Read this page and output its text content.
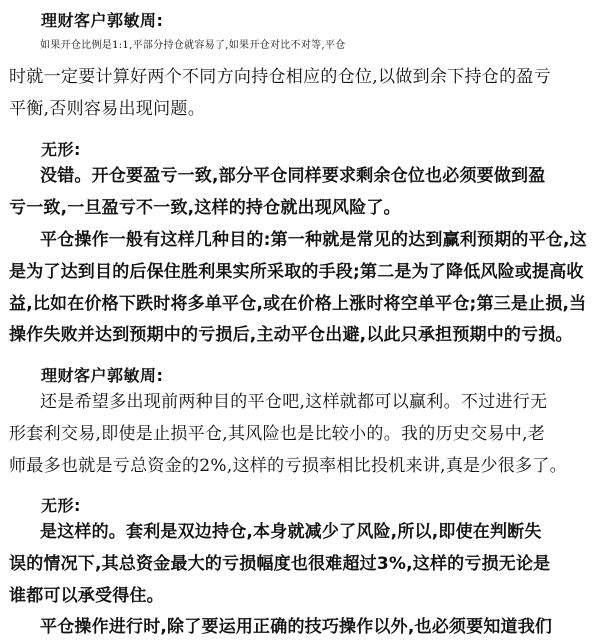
理财客户郭敏周:
如果开仓比例是1:1,平部分持仓就容易了,如果开仓对比不对等,平仓
时就一定要计算好两个不同方向持仓相应的仓位,以做到余下持仓的盈亏
平衡,否则容易出现问题。
无形:
没错。开仓要盈亏一致,部分平仓同样要求剩余仓位也必须要做到盈
亏一致,一旦盈亏不一致,这样的持仓就出现风险了。
平仓操作一般有这样几种目的:第一种就是常见的达到赢利预期的平仓,这
是为了达到目的后保住胜利果实所采取的手段;第二是为了降低风险或提高收
益,比如在价格下跌时将多单平仓,或在价格上涨时将空单平仓;第三是止损,当
操作失败并达到预期中的亏损后,主动平仓出避,以此只承担预期中的亏损。
理财客户郭敏周:
还是希望多出现前两种目的平仓吧,这样就都可以赢利。不过进行无
形套利交易,即使是止损平仓,其风险也是比较小的。我的历史交易中,老
师最多也就是亏总资金的2%,这样的亏损率相比投机来讲,真是少很多了。
无形:
是这样的。套利是双边持仓,本身就减少了风险,所以,即使在判断失
误的情况下,其总资金最大的亏损幅度也很难超过3%,这样的亏损无论是
谁都可以承受得住。
平仓操作进行时,除了要运用正确的技巧操作以外,也必须要知道我们
